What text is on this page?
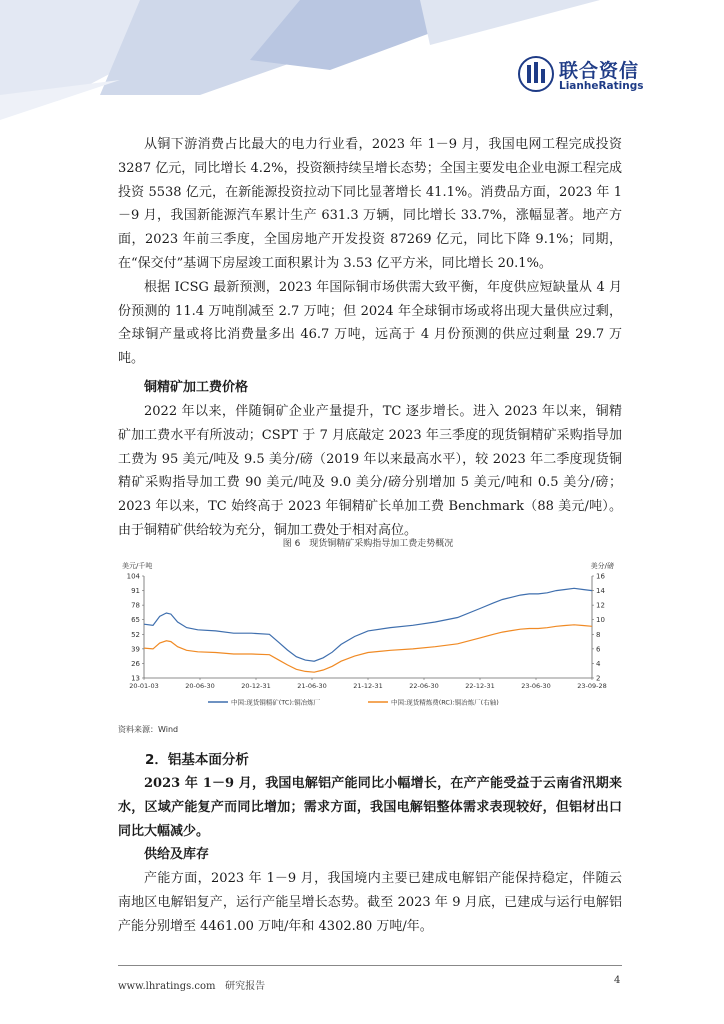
联合资信
LianheRatings

从铜下游消费占比最大的电力行业看，2023 年 1－9 月，我国电网工程完成投资 3287 亿元，同比增长 4.2%，投资额持续呈增长态势；全国主要发电企业电源工程完成投资 5538 亿元，在新能源投资拉动下同比显著增长 41.1%。消费品方面，2023 年 1－9 月，我国新能源汽车累计生产 631.3 万辆，同比增长 33.7%，涨幅显著。地产方面，2023 年前三季度，全国房地产开发投资 87269 亿元，同比下降 9.1%；同期，在“保交付”基调下房屋竣工面积累计为 3.53 亿平方米，同比增长 20.1%。

根据 ICSG 最新预测，2023 年国际铜市场供需大致平衡，年度供应短缺量从 4 月份预测的 11.4 万吨削减至 2.7 万吨；但 2024 年全球铜市场或将出现大量供应过剩，全球铜产量或将比消费量多出 46.7 万吨，远高于 4 月份预测的供应过剩量 29.7 万吨。

铜精矿加工费价格

2022 年以来，伴随铜矿企业产量提升，TC 逐步增长。进入 2023 年以来，铜精矿加工费水平有所波动；CSPT 于 7 月底敲定 2023 年三季度的现货铜精矿采购指导加工费为 95 美元/吨及 9.5 美分/磅（2019 年以来最高水平），较 2023 年二季度现货铜精矿采购指导加工费 90 美元/吨及 9.0 美分/磅分别增加 5 美元/吨和 0.5 美分/磅；2023 年以来，TC 始终高于 2023 年铜精矿长单加工费 Benchmark（88 美元/吨）。由于铜精矿供给较为充分，铜加工费处于相对高位。

图 6　现货铜精矿采购指导加工费走势概况
美元/千吨	美分/磅
104
91
78
65
52
39
26
13
16
14
12
10
8
6
4
2
20-01-03	20-06-30	20-12-31	21-06-30	21-12-31	22-06-30	22-12-31	23-06-30	23-09-28
中国:现货铜精矿(TC):铜冶炼厂	中国:现货精炼费(RC):铜冶炼厂(右轴)
资料来源：Wind

2．铝基本面分析

2023 年 1－9 月，我国电解铝产能同比小幅增长，在产产能受益于云南省汛期来水，区域产能复产而同比增加；需求方面，我国电解铝整体需求表现较好，但铝材出口同比大幅减少。

供给及库存

产能方面，2023 年 1－9 月，我国境内主要已建成电解铝产能保持稳定，伴随云南地区电解铝复产，运行产能呈增长态势。截至 2023 年 9 月底，已建成与运行电解铝产能分别增至 4461.00 万吨/年和 4302.80 万吨/年。

www.lhratings.com 研究报告
4
